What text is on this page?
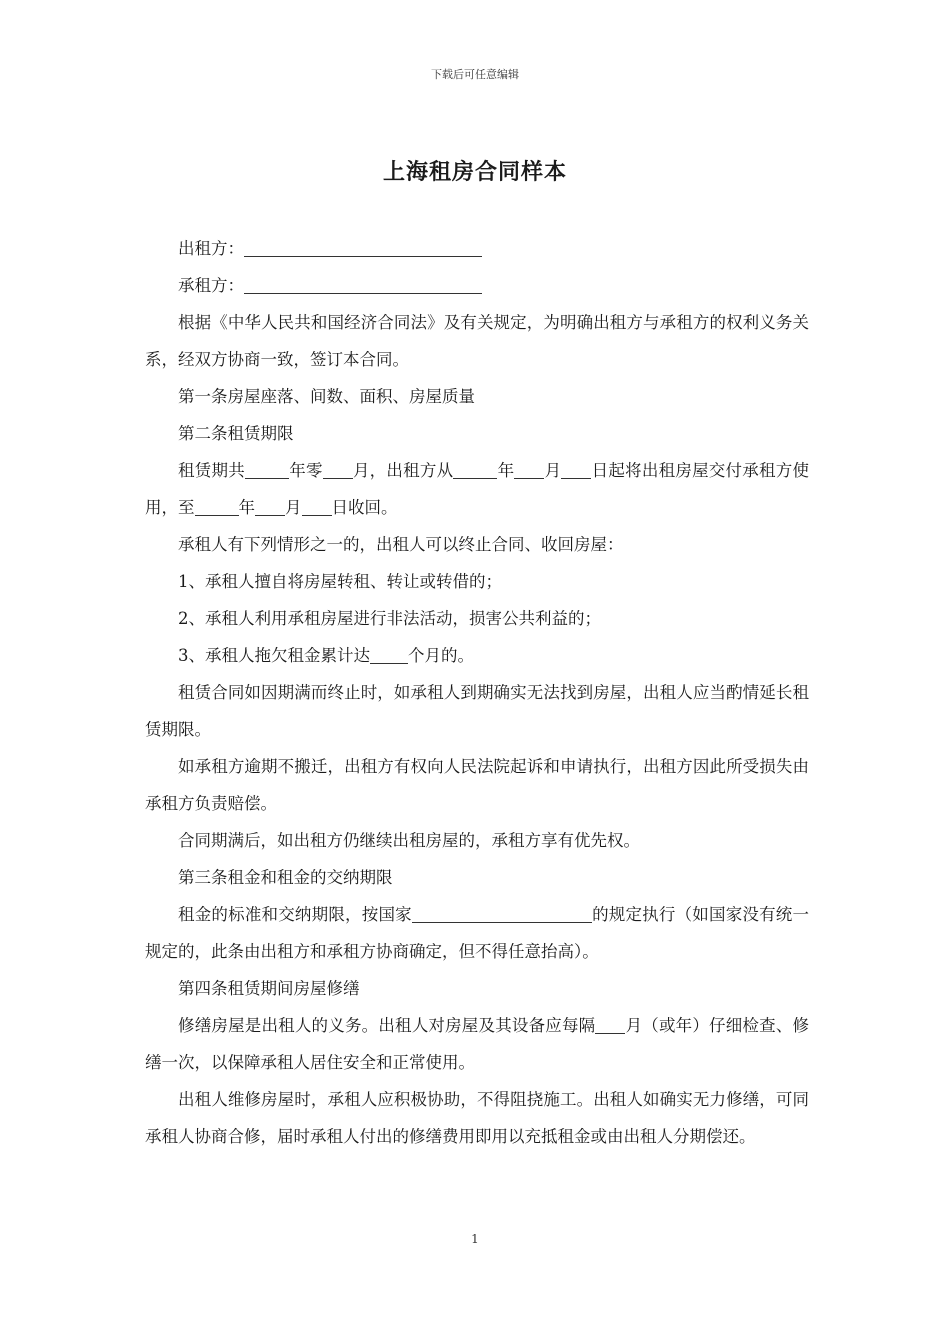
下载后可任意编辑
上海租房合同样本

出租方：

承租方：

根据《中华人民共和国经济合同法》及有关规定，为明确出租方与承租方的权利义务关系，经双方协商一致，签订本合同。

第一条房屋座落、间数、面积、房屋质量

第二条租赁期限

租赁期共	年零 月，出租方从	年 月 日起将出租房屋交付承租方使用，至	年 月 日收回。

承租人有下列情形之一的，出租人可以终止合同、收回房屋：

1、承租人擅自将房屋转租、转让或转借的；

2、承租人利用承租房屋进行非法活动，损害公共利益的；

3、承租人拖欠租金累计达 个月的。

租赁合同如因期满而终止时，如承租人到期确实无法找到房屋，出租人应当酌情延长租赁期限。

如承租方逾期不搬迁，出租方有权向人民法院起诉和申请执行，出租方因此所受损失由承租方负责赔偿。

合同期满后，如出租方仍继续出租房屋的，承租方享有优先权。

第三条租金和租金的交纳期限

租金的标准和交纳期限，按国家	的规定执行（如国家没有统一规定的，此条由出租方和承租方协商确定，但不得任意抬高）。

第四条租赁期间房屋修缮

修缮房屋是出租人的义务。出租人对房屋及其设备应每隔 月（或年）仔细检查、修缮一次，以保障承租人居住安全和正常使用。

出租人维修房屋时，承租人应积极协助，不得阻挠施工。出租人如确实无力修缮，可同承租人协商合修，届时承租人付出的修缮费用即用以充抵租金或由出租人分期偿还。

1
